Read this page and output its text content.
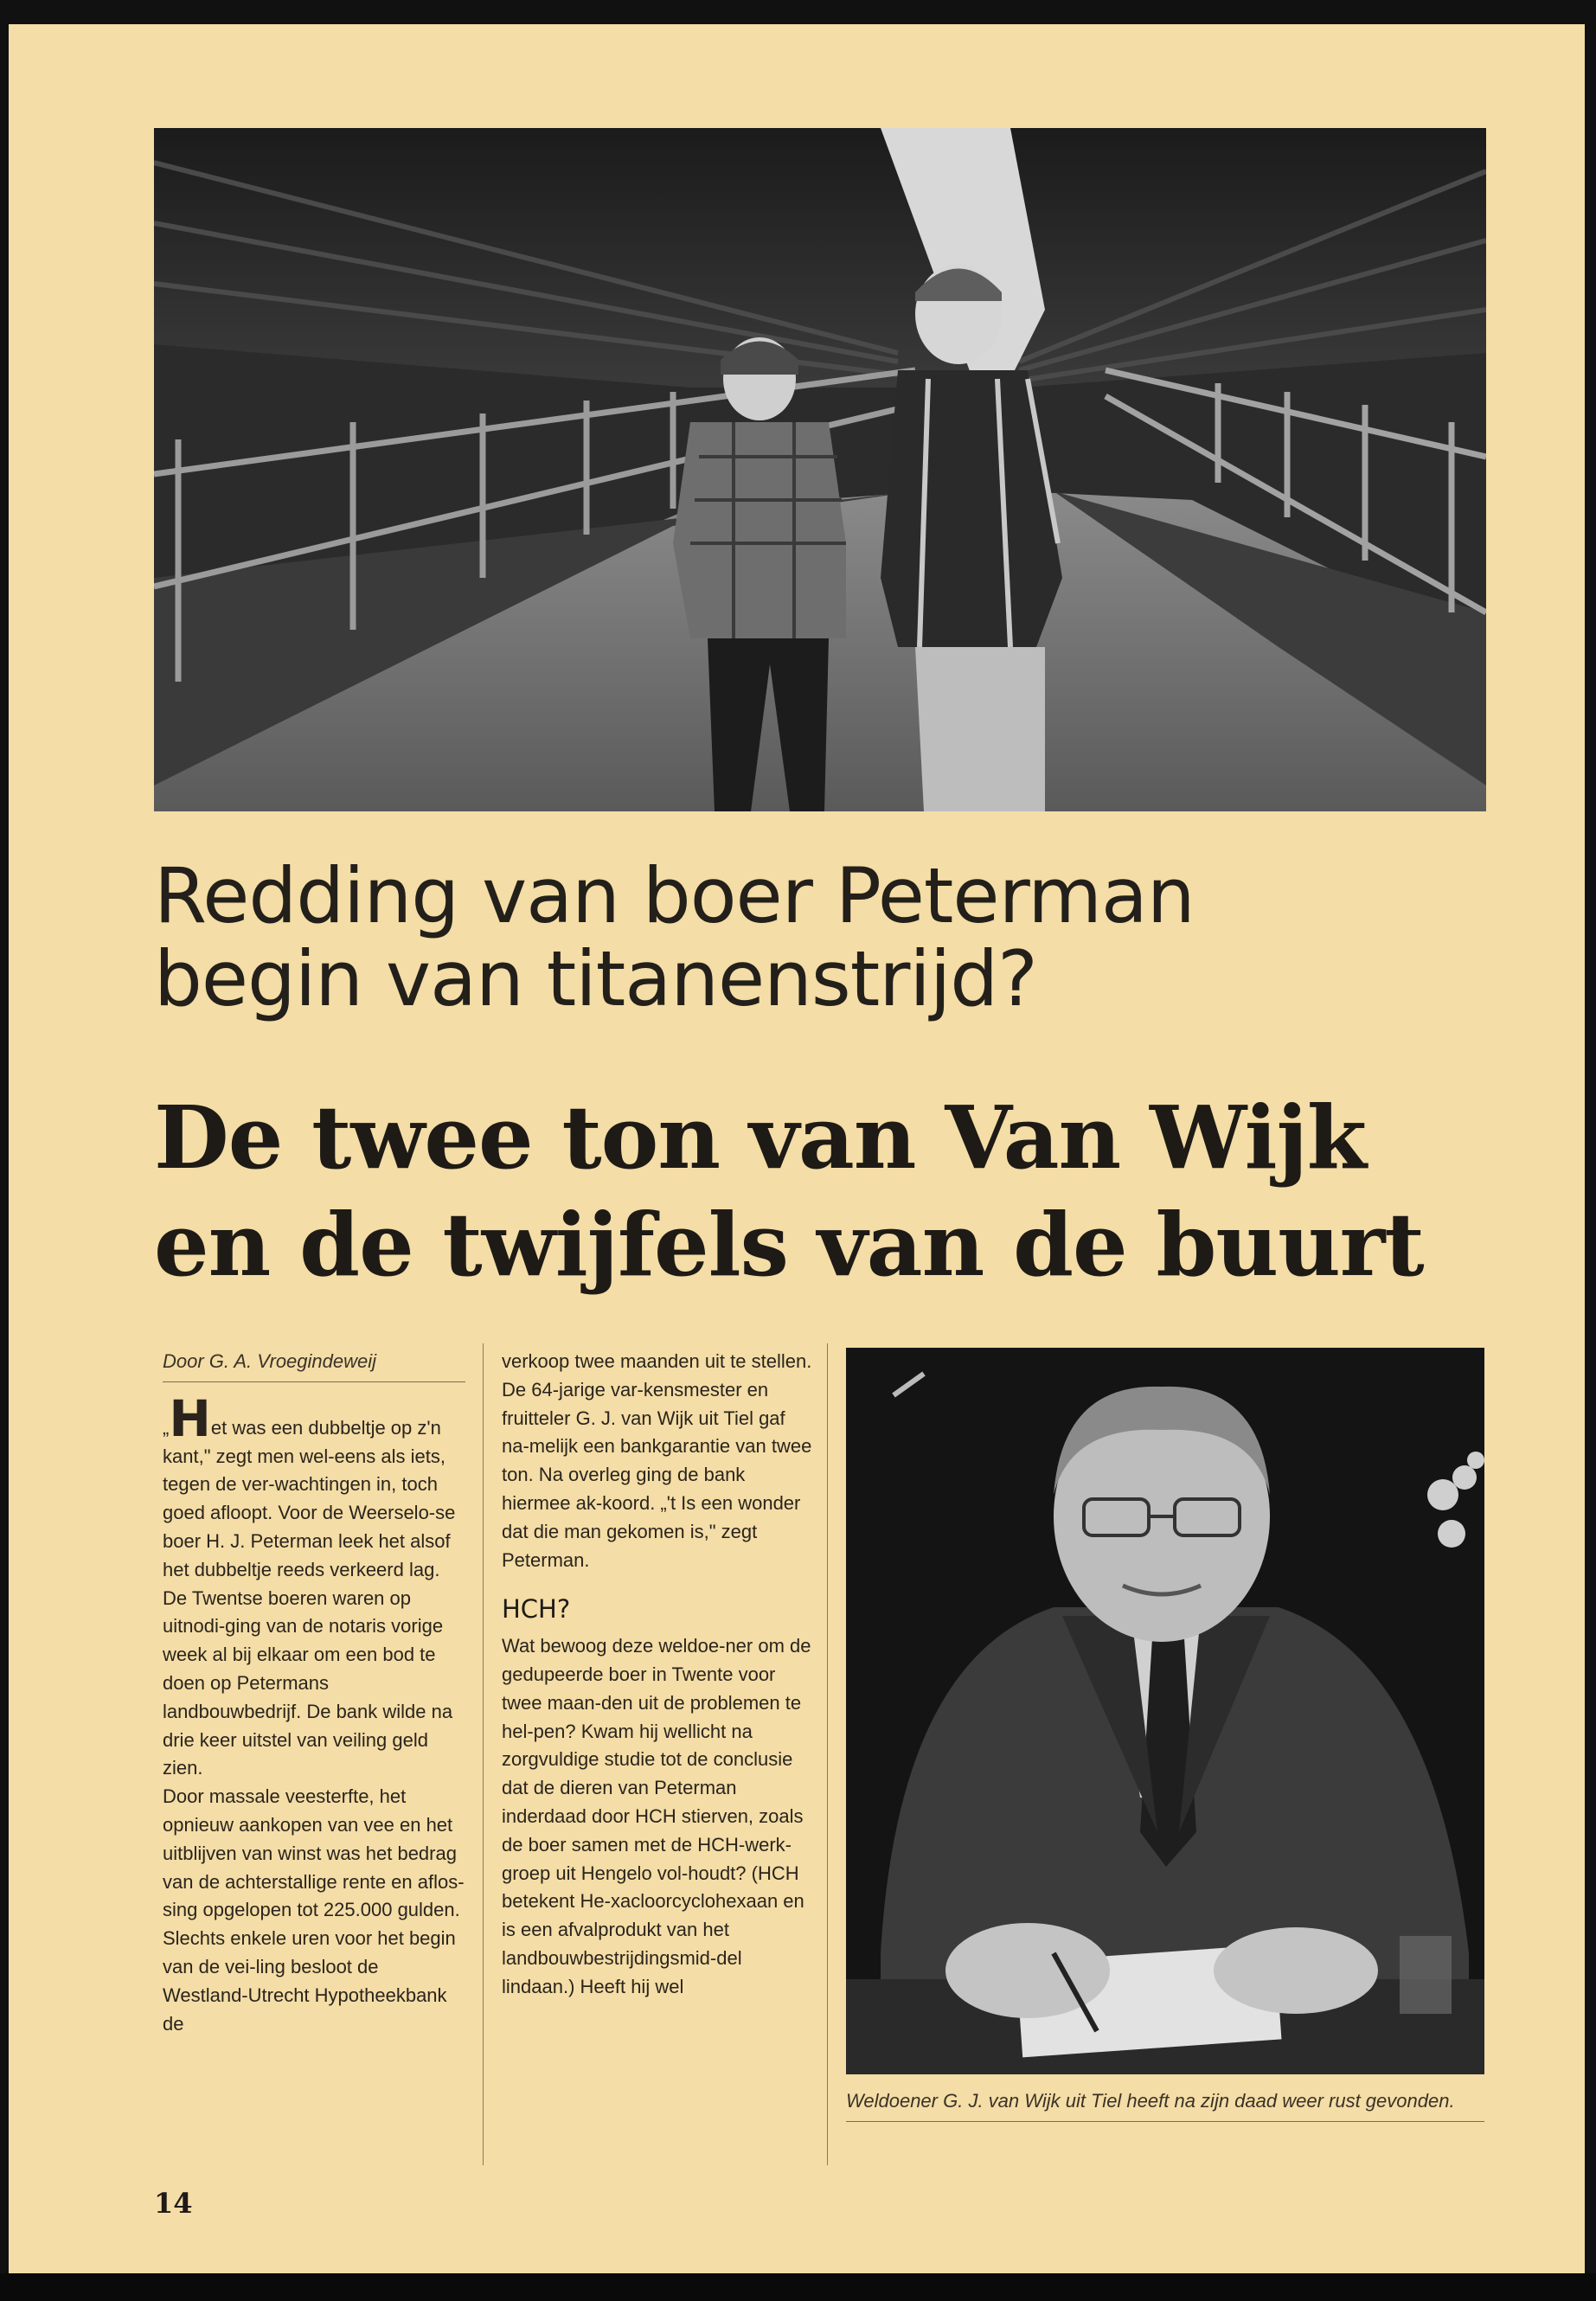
Redding van boer Peterman
begin van titanenstrijd?
De twee ton van Van Wijk
en de twijfels van de buurt
Door G. A. Vroegindeweij

„Het was een dubbeltje op z'n kant," zegt men wel-eens als iets, tegen de ver-wachtingen in, toch goed afloopt. Voor de Weerselo-se boer H. J. Peterman leek het alsof het dubbeltje reeds verkeerd lag. De Twentse boeren waren op uitnodi-ging van de notaris vorige week al bij elkaar om een bod te doen op Petermans landbouwbedrijf. De bank wilde na drie keer uitstel van veiling geld zien.

Door massale veesterfte, het opnieuw aankopen van vee en het uitblijven van winst was het bedrag van de achterstallige rente en aflos-sing opgelopen tot 225.000 gulden. Slechts enkele uren voor het begin van de vei-ling besloot de Westland-Utrecht Hypotheekbank de

verkoop twee maanden uit te stellen. De 64-jarige var-kensmester en fruitteler G. J. van Wijk uit Tiel gaf na-melijk een bankgarantie van twee ton. Na overleg ging de bank hiermee ak-koord. „'t Is een wonder dat die man gekomen is," zegt Peterman.

HCH?

Wat bewoog deze weldoe-ner om de gedupeerde boer in Twente voor twee maan-den uit de problemen te hel-pen? Kwam hij wellicht na zorgvuldige studie tot de conclusie dat de dieren van Peterman inderdaad door HCH stierven, zoals de boer samen met de HCH-werk-groep uit Hengelo vol-houdt? (HCH betekent He-xacloorcyclohexaan en is een afvalprodukt van het landbouwbestrijdingsmid-del lindaan.) Heeft hij wel

Weldoener G. J. van Wijk uit Tiel heeft na zijn daad weer rust gevonden.
14
